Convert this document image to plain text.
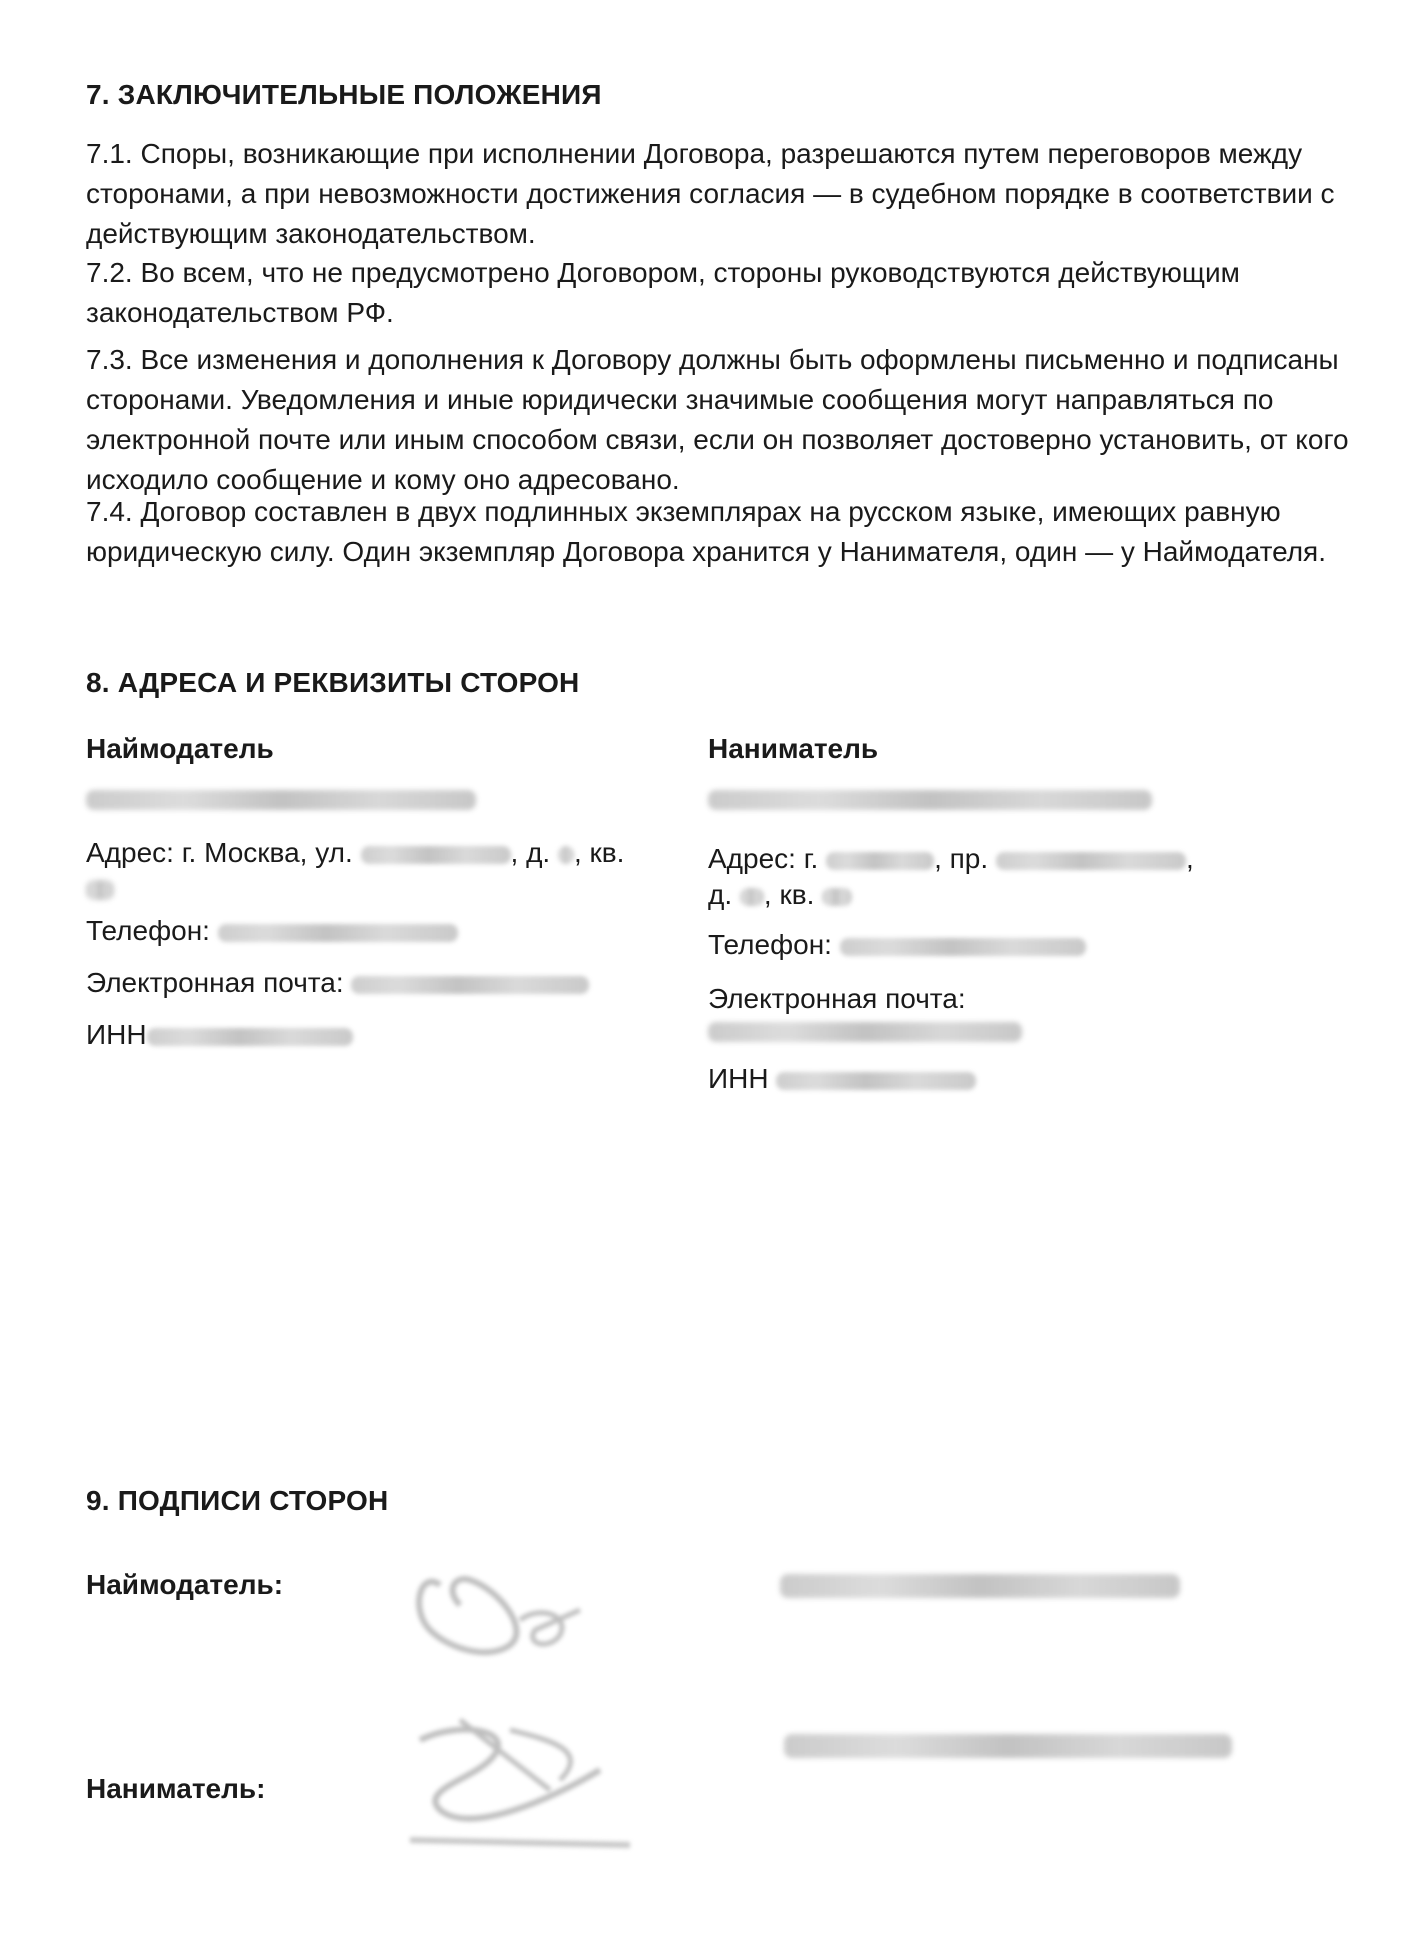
7. ЗАКЛЮЧИТЕЛЬНЫЕ ПОЛОЖЕНИЯ

7.1. Споры, возникающие при исполнении Договора, разрешаются путем переговоров между сторонами, а при невозможности достижения согласия — в судебном порядке в соответствии с действующим законодательством.

7.2. Во всем, что не предусмотрено Договором, стороны руководствуются действующим законодательством РФ.

7.3. Все изменения и дополнения к Договору должны быть оформлены письменно и подписаны сторонами. Уведомления и иные юридически значимые сообщения могут направляться по электронной почте или иным способом связи, если он позволяет достоверно установить, от кого исходило сообщение и кому оно адресовано.

7.4. Договор составлен в двух подлинных экземплярах на русском языке, имеющих равную юридическую силу. Один экземпляр Договора хранится у Нанимателя, один — у Наймодателя.

8. АДРЕСА И РЕКВИЗИТЫ СТОРОН
Наймодатель
Адрес: г. Москва, ул.	, д. , кв.
Телефон:
Электронная почта:
ИНН
Наниматель
Адрес: г.	, пр.	,
д. , кв.
Телефон:
Электронная почта:
ИНН
9. ПОДПИСИ СТОРОН
Наймодатель:
Наниматель:
